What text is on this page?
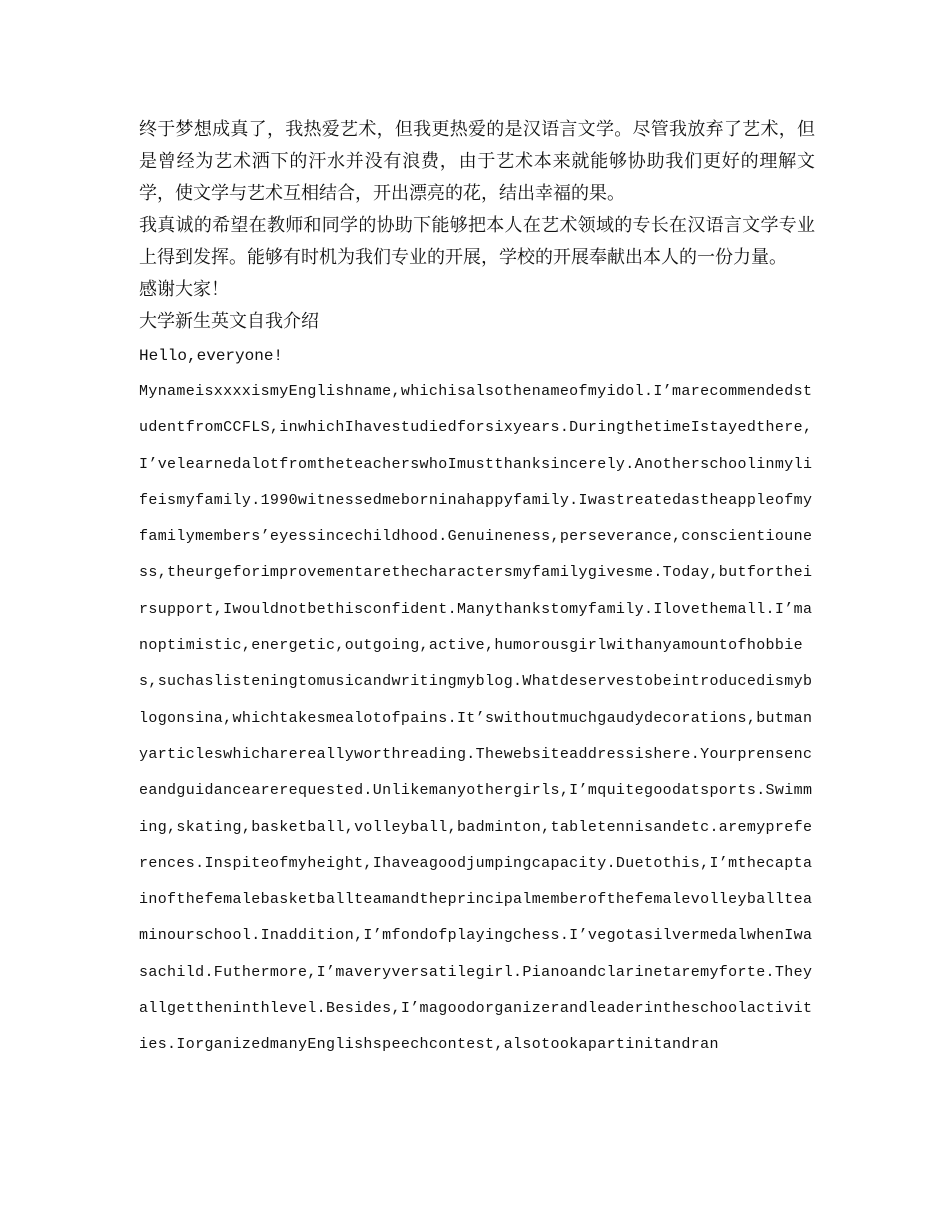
终于梦想成真了，我热爱艺术，但我更热爱的是汉语言文学。尽管我放弃了艺术，但是曾经为艺术洒下的汗水并没有浪费，由于艺术本来就能够协助我们更好的理解文学，使文学与艺术互相结合，开出漂亮的花，结出幸福的果。

我真诚的希望在教师和同学的协助下能够把本人在艺术领域的专长在汉语言文学专业上得到发挥。能够有时机为我们专业的开展，学校的开展奉献出本人的一份力量。

感谢大家！

大学新生英文自我介绍

Hello,everyone!

MynameisxxxxismyEnglishname,whichisalsothenameofmyidol.I’marecommendedstudentfromCCFLS,inwhichIhavestudiedforsixyears.DuringthetimeIstayedthere,I’velearnedalotfromtheteacherswhoImustthanksincerely.Anotherschoolinmylifeismyfamily.1990witnessedmeborninahappyfamily.Iwastreatedastheappleofmyfamilymembers’eyessincechildhood.Genuineness,perseverance,conscientiouness,theurgeforimprovementarethecharactersmyfamilygivesme.Today,butfortheirsupport,Iwouldnotbethisconfident.Manythankstomyfamily.Ilovethemall.I’manoptimistic,energetic,outgoing,active,humorousgirlwithanyamountofhobbies,suchaslisteningtomusicandwritingmyblog.Whatdeservestobeintroducedismyblogonsina,whichtakesmealotofpains.It’swithoutmuchgaudydecorations,butmanyarticleswhicharereallyworthreading.Thewebsiteaddressishere.Yourprensenceandguidancearerequested.Unlikemanyothergirls,I’mquitegoodatsports.Swimming,skating,basketball,volleyball,badminton,tabletennisandetc.aremypreferences.Inspiteofmyheight,Ihaveagoodjumpingcapacity.Duetothis,I’mthecaptainofthefemalebasketballteamandtheprincipalmemberofthefemalevolleyballteaminourschool.Inaddition,I’mfondofplayingchess.I’vegotasilvermedalwhenIwasachild.Futhermore,I’maveryversatilegirl.Pianoandclarinetaremyforte.Theyallgettheninthlevel.Besides,I’magoodorganizerandleaderintheschoolactivities.IorganizedmanyEnglishspeechcontest,alsotookapartinitandran
